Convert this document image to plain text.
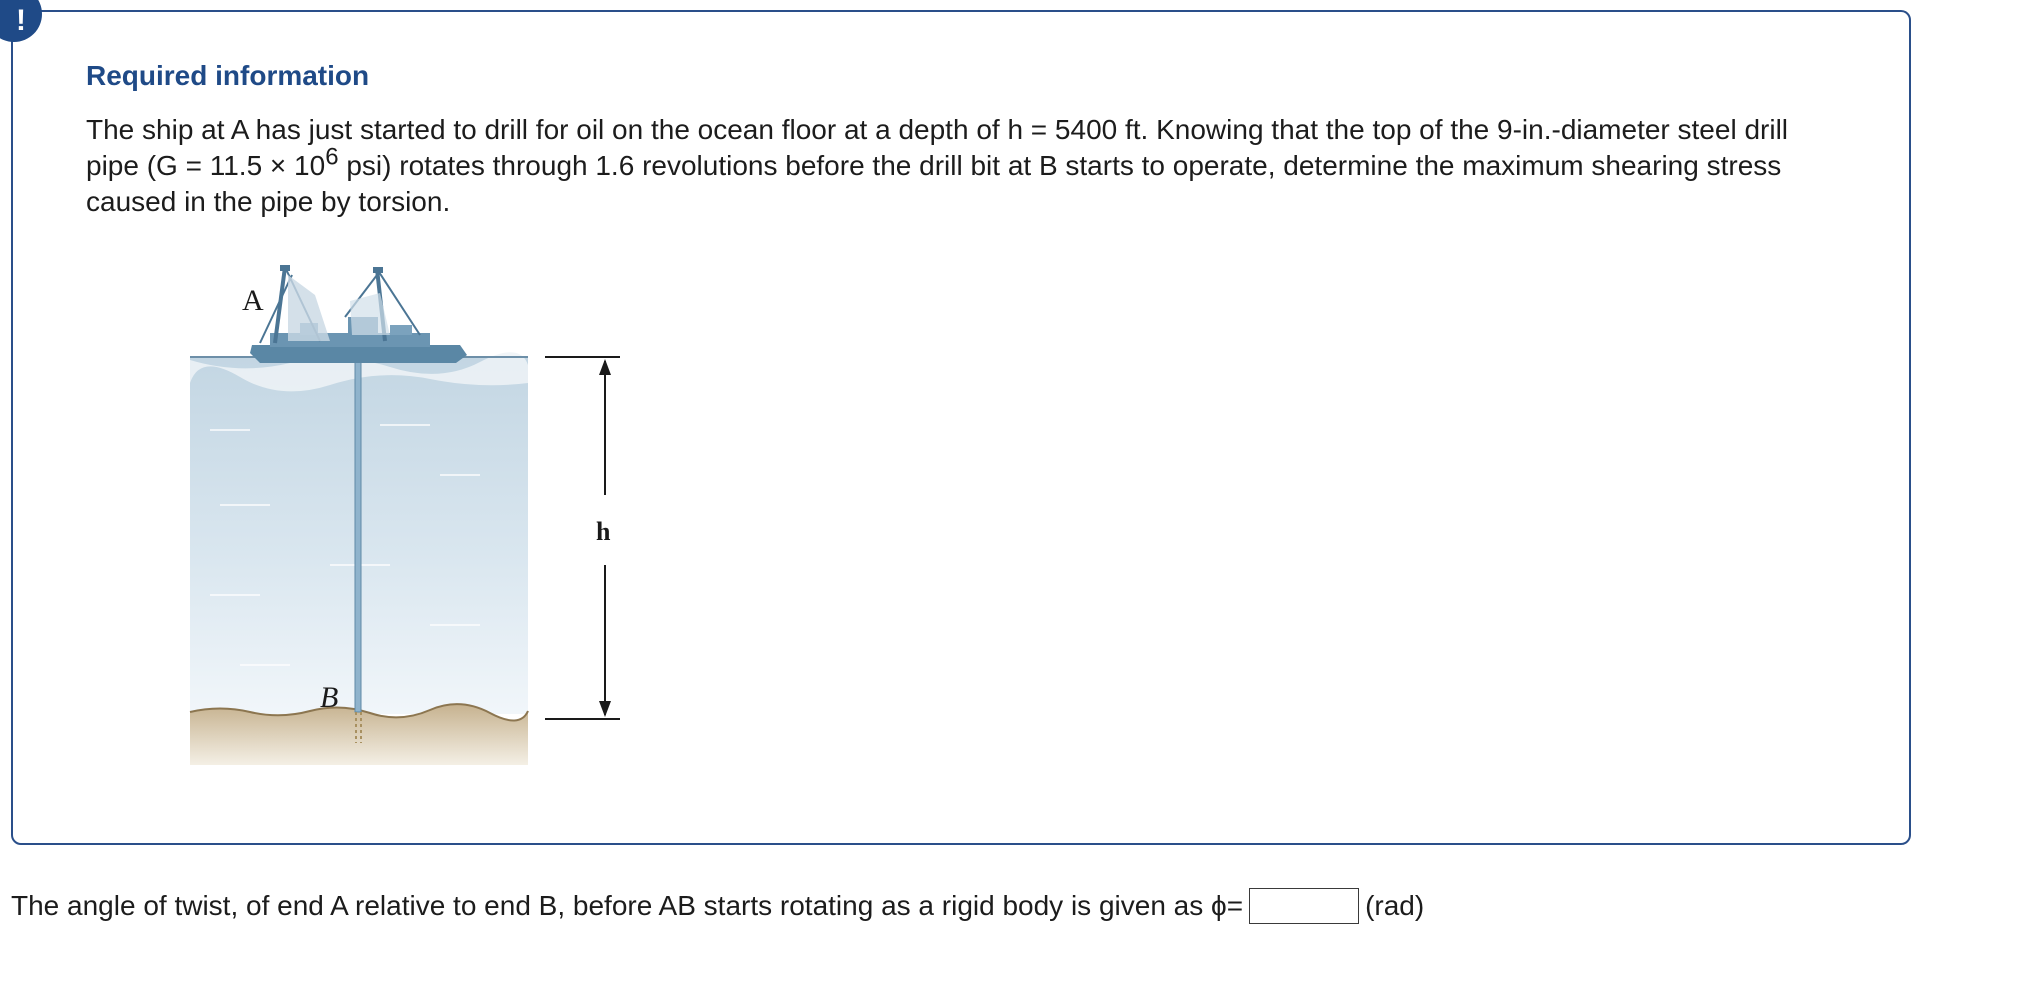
!
Required information

The ship at A has just started to drill for oil on the ocean floor at a depth of h = 5400 ft. Knowing that the top of the 9-in.-diameter steel drill pipe ($G = 11.5 \times 10^6$ psi) rotates through 1.6 revolutions before the drill bit at B starts to operate, determine the maximum shearing stress caused in the pipe by torsion.

A
B
h
The angle of twist, of end A relative to end B, before AB starts rotating as a rigid body is given as ϕ=	(rad)
